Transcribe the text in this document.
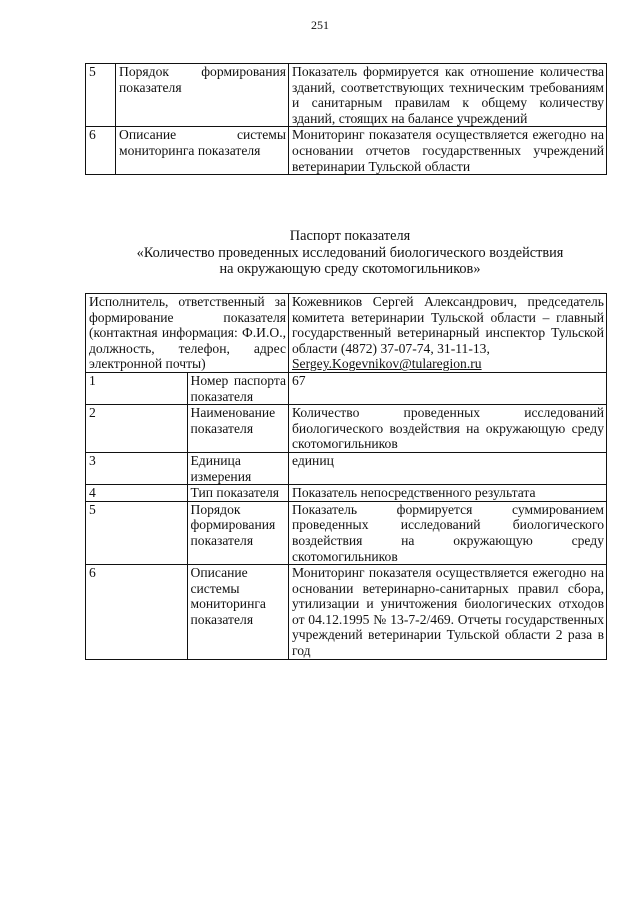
251
5	Порядок формирования показателя	Показатель формируется как отношение количества зданий, соответствующих техническим требованиям и санитарным правилам к общему количеству зданий, стоящих на балансе учреждений
6	Описание системы мониторинга показателя	Мониторинг показателя осуществляется ежегодно на основании отчетов государственных учреждений ветеринарии Тульской области
Паспорт показателя
«Количество проведенных исследований биологического воздействия
на окружающую среду скотомогильников»
Исполнитель, ответственный за формирование показателя (контактная информация: Ф.И.О., должность, телефон, адрес электронной почты)		Кожевников Сергей Александрович, председатель комитета ветеринарии Тульской области – главный государственный ветеринарный инспектор Тульской области (4872) 37-07-74, 31-11-13,
Sergey.Kogevnikov@tularegion.ru

1	Номер паспорта показателя	67
2	Наименование показателя	Количество проведенных исследований биологического воздействия на окружающую среду скотомогильников
3	Единица измерения	единиц
4	Тип показателя	Показатель непосредственного результата
5	Порядок формирования показателя	Показатель формируется суммированием проведенных исследований биологического воздействия на окружающую среду скотомогильников
6	Описание системы мониторинга показателя	Мониторинг показателя осуществляется ежегодно на основании ветеринарно-санитарных правил сбора, утилизации и уничтожения биологических отходов от 04.12.1995 № 13-7-2/469. Отчеты государственных учреждений ветеринарии Тульской области 2 раза в год
